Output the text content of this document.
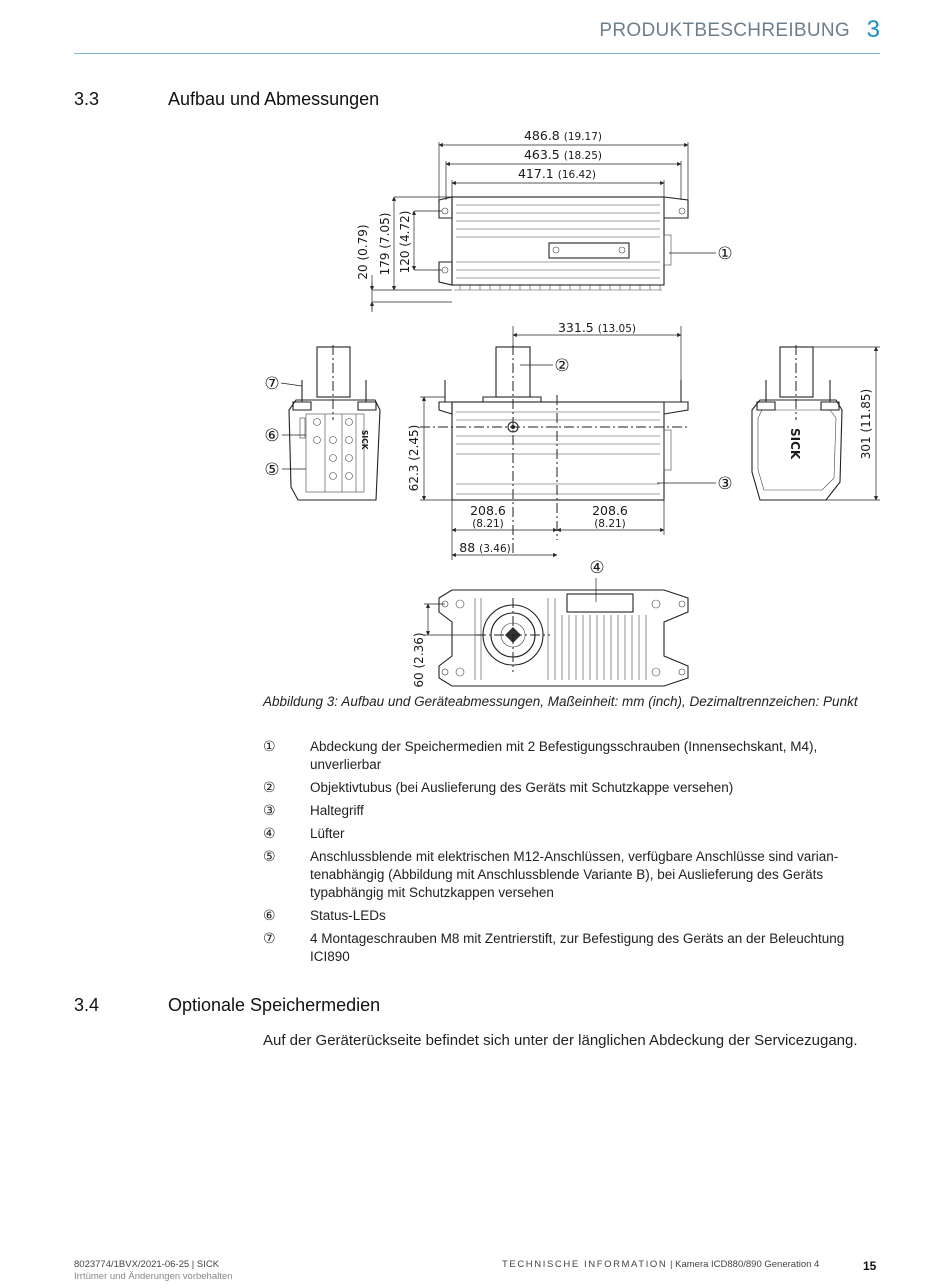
PRODUKTBESCHREIBUNG 3
3.3	Aufbau und Abmessungen
486.8 (19.17)
463.5 (18.25)
417.1 (16.42)
179 (7.05) 120 (4.72)
20 (0.79)	①
SICK
⑦
⑥
⑤
331.5 (13.05)
62.3 (2.45)
208.6
(8.21)
208.6
(8.21)
88 (3.46)
②
③
SICK	301 (11.85)
④
60 (2.36)
Abbildung 3: Aufbau und Geräteabmessungen, Maßeinheit: mm (inch), Dezimaltrennzeichen: Punkt
①	Abdeckung der Speichermedien mit 2 Befestigungsschrauben (Innensechskant, M4), unverlierbar
②	Objektivtubus (bei Auslieferung des Geräts mit Schutzkappe versehen)
③	Haltegriff
④	Lüfter
⑤	Anschlussblende mit elektrischen M12-Anschlüssen, verfügbare Anschlüsse sind variantenabhängig (Abbildung mit Anschlussblende Variante B), bei Auslieferung des Geräts typabhängig mit Schutzkappen versehen
⑥	Status-LEDs
⑦	4 Montageschrauben M8 mit Zentrierstift, zur Befestigung des Geräts an der Beleuchtung ICI890
3.4	Optionale Speichermedien
Auf der Geräterückseite befindet sich unter der länglichen Abdeckung der Servicezugang.
8023774/1BVX/2021-06-25 | SICK
Irrtümer und Änderungen vorbehalten
TECHNISCHE INFORMATION | Kamera ICD880/890 Generation 4	15
